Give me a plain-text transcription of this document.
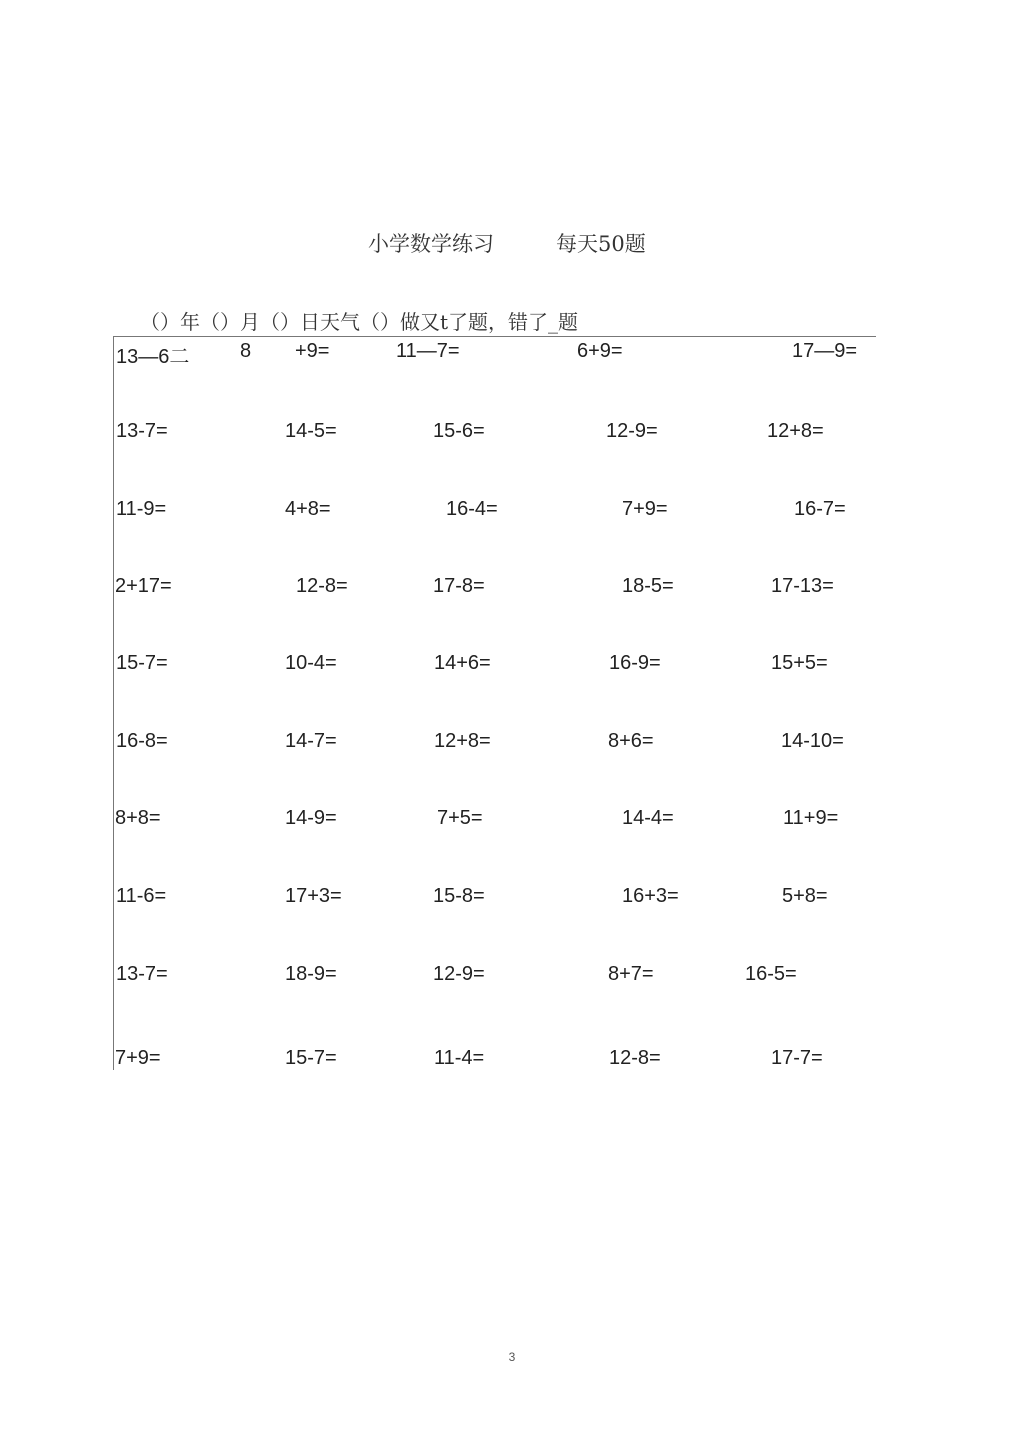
小学数学练习	每天50题
（）年（）月（）日天气（）做又t了题，错了_题
13—6二	8 +9=	11—7=	6+9=	17—9=
13-7=	14-5=	15-6=	12-9=	12+8=
11-9=	4+8=	16-4=	7+9=	16-7=
2+17=	12-8=	17-8=	18-5=	17-13=
15-7=	10-4=	14+6=	16-9=	15+5=
16-8=	14-7=	12+8=	8+6=	14-10=
8+8=	14-9=	7+5=	14-4=	11+9=
11-6=	17+3=	15-8=	16+3=	5+8=
13-7=	18-9=	12-9=	8+7=	16-5=
7+9=	15-7=	11-4=	12-8=	17-7=
3
